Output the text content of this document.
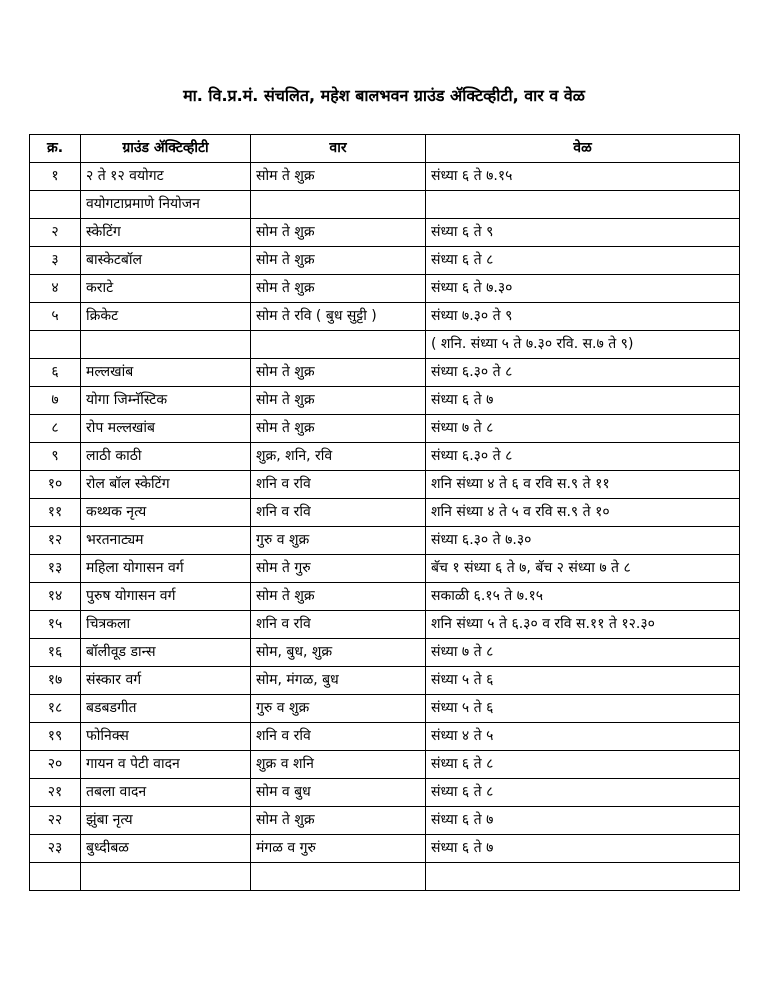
मा. वि.प्र.मं. संचलित, महेश बालभवन ग्राउंड ॲक्टिव्हीटी, वार व वेळ
क्र.	ग्राउंड ॲक्टिव्हीटी	वार	वेळ
१	२ ते १२ वयोगट	सोम ते शुक्र	संध्या ६ ते ७.१५
	वयोगटाप्रमाणे नियोजन		
२	स्केटिंग	सोम ते शुक्र	संध्या ६ ते ९
३	बास्केटबॉल	सोम ते शुक्र	संध्या ६ ते ८
४	कराटे	सोम ते शुक्र	संध्या ६ ते ७.३०
५	क्रिकेट	सोम ते रवि ( बुध सुट्टी )	संध्या ७.३० ते ९
			( शनि. संध्या ५ ते ७.३० रवि. स.७ ते ९)
६	मल्लखांब	सोम ते शुक्र	संध्या ६.३० ते ८
७	योगा जिम्नॅस्टिक	सोम ते शुक्र	संध्या ६ ते ७
८	रोप मल्लखांब	सोम ते शुक्र	संध्या ७ ते ८
९	लाठी काठी	शुक्र, शनि, रवि	संध्या ६.३० ते ८
१०	रोल बॉल स्केटिंग	शनि व रवि	शनि संध्या ४ ते ६ व रवि स.९ ते ११
११	कथ्थक नृत्य	शनि व रवि	शनि संध्या ४ ते ५ व रवि स.९ ते १०
१२	भरतनाट्यम	गुरु व शुक्र	संध्या ६.३० ते ७.३०
१३	महिला योगासन वर्ग	सोम ते गुरु	बॅच १ संध्या ६ ते ७, बॅच २ संध्या ७ ते ८
१४	पुरुष योगासन वर्ग	सोम ते शुक्र	सकाळी ६.१५ ते ७.१५
१५	चित्रकला	शनि व रवि	शनि संध्या ५ ते ६.३० व रवि स.११ ते १२.३०
१६	बॉलीवूड डान्स	सोम, बुध, शुक्र	संध्या ७ ते ८
१७	संस्कार वर्ग	सोम, मंगळ, बुध	संध्या ५ ते ६
१८	बडबडगीत	गुरु व शुक्र	संध्या ५ ते ६
१९	फोनिक्स	शनि व रवि	संध्या ४ ते ५
२०	गायन व पेटी वादन	शुक्र व शनि	संध्या ६ ते ८
२१	तबला वादन	सोम व बुध	संध्या ६ ते ८
२२	झुंबा नृत्य	सोम ते शुक्र	संध्या ६ ते ७
२३	बुध्दीबळ	मंगळ व गुरु	संध्या ६ ते ७
